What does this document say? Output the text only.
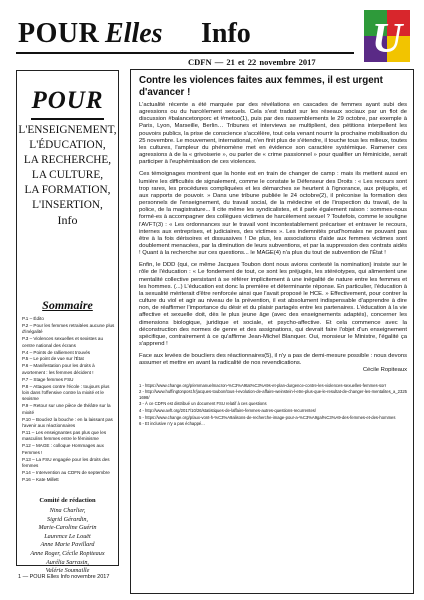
POUR Elles Info	U
CDFN — 21 et 22 novembre 2017
POUR
L'ENSEIGNEMENT,
L'ÉDUCATION,
LA RECHERCHE,
LA CULTURE,
LA FORMATION,
L'INSERTION,
Info
Sommaire
P.1 – Édito
P.2 – Pour les femmes retraitées aucune plus d'inégalité
P.3 – Violences sexuelles et sexistes au centre national des écrans
P.4 – Points de ralliement trouvés
P.5 – Le point de vue sur l'État
P.6 – Manifestation pour les droits à avortement : les femmes décident !
P.7 – Stage femmes FSU
P.8 – Attaques contre l'école : toujours plus loin dans l'offensive contre la mixité et le sexisme
P.9 – Retour sur une pièce de théâtre sur la mixité
P.10 – Bouclez la bouche : en la laissant pas l'avenir aux réactionnaires
P.11 – Les enseignantes pas plus que les masculins femmes entre le féminisme
P.12 – MAGE : colloque Hommages aux Femmes !
P.13 – La FSU engagée pour les droits des femmes
P.14 – Intervention au CDFN de septembre
P.16 – Kate Millett
Comité de rédaction
Nina Charlier,
Sigrid Gérardin,
Marie-Caroline Guérin
Laurence Le Louët
Anne Marie Pavillard
Anne Roger, Cécile Ropiteaux
Aurélia Sarrasin,
Valérie Soumaille
1 — POUR Elles Info novembre 2017
Contre les violences faites aux femmes, il est urgent d'avancer !

L'actualité récente a été marquée par des révélations en cascades de femmes ayant subi des agressions ou du harcèlement sexuels. Cela s'est traduit sur les réseaux sociaux par un flot de discussion #balancetonporc et #metoo(1), puis par des rassemblements le 29 octobre, par exemple à Paris, Lyon, Marseille, Berlin… Tribunes et interviews se multiplient, des pétitions interpellent les pouvoirs publics, la prise de conscience s'accélère, tout cela venant nourrir la prochaine mobilisation du 25 novembre. Le mouvement, international, n'en finit plus de s'étendre, il touche tous les milieux, toutes les cultures, l'ampleur du phénomène met en évidence son caractère systémique. Ramener ces agressions à de la « grivoiserie », ou parler de « crime passionnel » pour qualifier un féminicide, serait participer à l'euphémisation de ces violences.

Ces témoignages montrent que la honte est en train de changer de camp : mais ils mettent aussi en lumière les difficultés de signalement, comme le constate le Défenseur des Droits : « Les recours sont trop rares, les procédures compliquées et les démarches se heurtent à l'ignorance, aux préjugés, et aux rapports de pouvoir. » Dans une tribune publiée le 24 octobre(2), il préconise la formation des personnels de l'enseignement, du travail social, de la médecine et de l'inspection du travail, de la police, de la magistrature... Il cite même les syndicalistes, et il parle également raison : sommes-nous formé-es à accompagner des collègues victimes de harcèlement sexuel ? Toutefois, comme le souligne l'AVFT(3) : « Les ordonnances sur le travail vont incontestablement précariser et entraver le recours, internes aux entreprises, et judiciaires, des victimes ». Les indemnités prud'homales ne pouvant pas être à la fois dérisoires et dissuasives ! De plus, les associations d'aide aux femmes victimes sont doublement menacées, par la diminution de leurs subventions, et par la suppression des contrats aidés ! Quant à la recherche sur ces questions... le MAGE(4) n'a plus du tout de subvention de l'État !

Enfin, le DDD (qui, ce même Jacques Toubon dont nous avions contesté la nomination) insiste sur le rôle de l'éducation : « Le fondement de tout, ce sont les préjugés, les stéréotypes, qui alimentent une mentalité collective persistant à se référer implicitement à une inégalité de nature entre les femmes et les hommes. (...) L'éducation est donc la première et déterminante réponse. En particulier, l'éducation à la sexualité mériterait d'être renforcée ainsi que l'avait proposé le HCE. » Effectivement, pour contrer la culture du viol et agir au niveau de la prévention, il est absolument indispensable d'apprendre à dire non, de réaffirmer l'importance du désir et du plaisir partagés entre les partenaires. L'éducation à la vie affective et sexuelle doit, dès le plus jeune âge (avec des enseignements adaptés), concerner les dimensions biologique, juridique et sociale, et psycho-affective. Et cela commence avec la déconstruction des normes de genre et des assignations, qui devrait faire l'objet d'un enseignement spécifique, contrairement à ce qu'affirme Jean-Michel Blanquer. Oui, monsieur le Ministre, l'égalité ça s'apprend !

Face aux levées de boucliers des réactionnaires(5), il n'y a pas de demi-mesure possible : nous devons assumer et mettre en avant la radicalité de nos revendications.

Cécile Ropiteaux

1 - https://www.change.org/p/emmanuelmacron-%C3%A9tat%C3%A9s-et-plan-durgence-contre-les-violences-sexuelles-femmes-sorr
2 - http://www.huffingtonpost.fr/jacques-toubon/tous-l-evolution-de-affaire-weinstein-l-etre-plus-que-le-resultat-de-changer-les-mentalites_a_23251698/
3 - À ce CDFN est distribué un document FSU relatif à ces questions
4 - http://www.avft.org/2017/10/26/statistiques-de-laffaire-femmes-autres-questions-recurrentes/
5 - https://www.change.org/p/aux-vont-h-%C3%A9alisons-de-recherche-image-pour-a-%C3%A9gal%C3%A9-des-femmes-et-des-hommes
6 - Et inclusive n'y a pas échappé...
